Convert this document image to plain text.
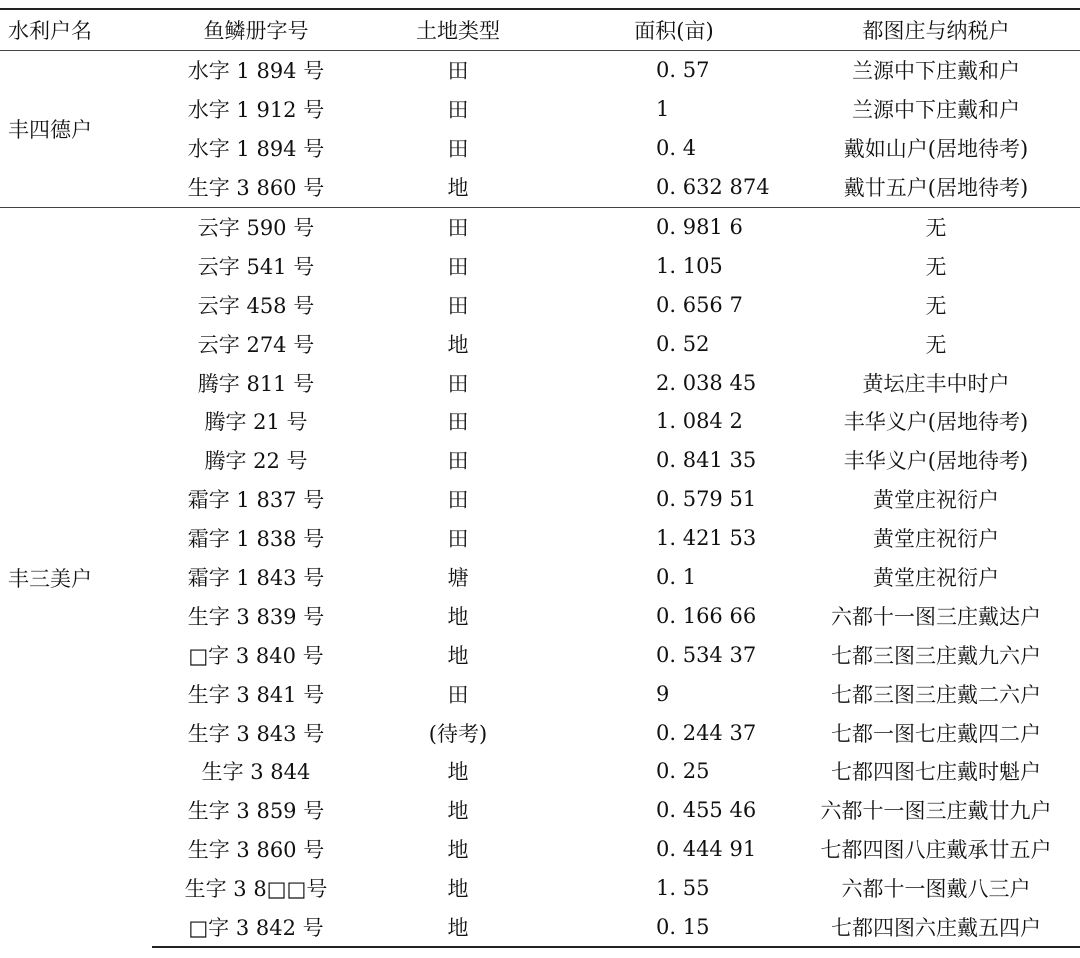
水利户名	鱼鳞册字号	土地类型	面积(亩)	都图庄与纳税户
丰四德户	水字 1 894 号	田	0. 57	兰源中下庄戴和户
	水字 1 912 号	田	1	兰源中下庄戴和户
	水字 1 894 号	田	0. 4	戴如山户(居地待考)
	生字 3 860 号	地	0. 632 874	戴廿五户(居地待考)
丰三美户	云字 590 号	田	0. 981 6	无
	云字 541 号	田	1. 105	无
	云字 458 号	田	0. 656 7	无
	云字 274 号	地	0. 52	无
	腾字 811 号	田	2. 038 45	黄坛庄丰中时户
	腾字 21 号	田	1. 084 2	丰华义户(居地待考)
	腾字 22 号	田	0. 841 35	丰华义户(居地待考)
	霜字 1 837 号	田	0. 579 51	黄堂庄祝衍户
	霜字 1 838 号	田	1. 421 53	黄堂庄祝衍户
	霜字 1 843 号	塘	0. 1	黄堂庄祝衍户
	生字 3 839 号	地	0. 166 66	六都十一图三庄戴达户
	□字 3 840 号	地	0. 534 37	七都三图三庄戴九六户
	生字 3 841 号	田	9	七都三图三庄戴二六户
	生字 3 843 号	(待考)	0. 244 37	七都一图七庄戴四二户
	生字 3 844	地	0. 25	七都四图七庄戴时魁户
	生字 3 859 号	地	0. 455 46	六都十一图三庄戴廿九户
	生字 3 860 号	地	0. 444 91	七都四图八庄戴承廿五户
	生字 3 8□□号	地	1. 55	六都十一图戴八三户
	□字 3 842 号	地	0. 15	七都四图六庄戴五四户
